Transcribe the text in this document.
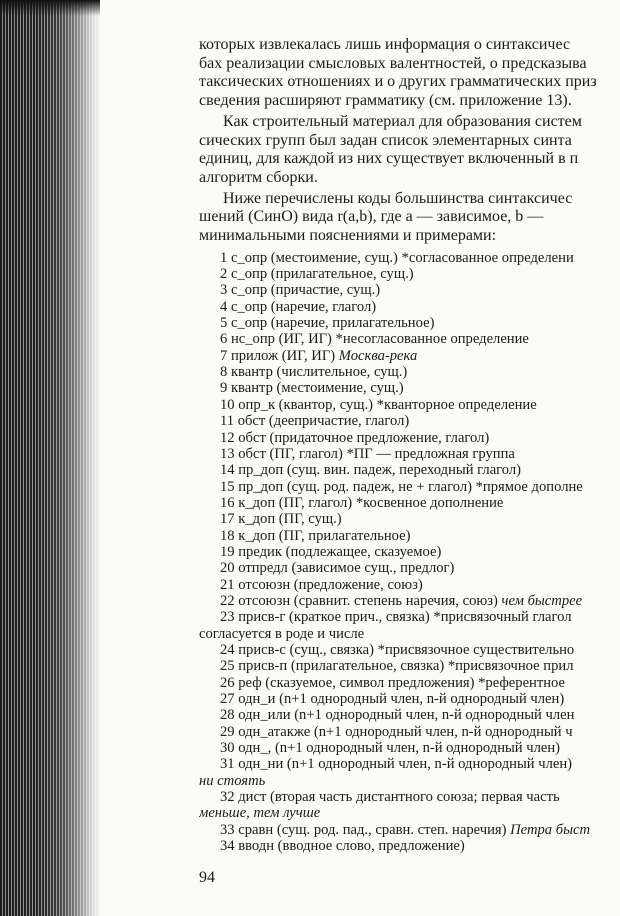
которых извлекалась лишь информация о синтаксичес
бах реализации смысловых валентностей, о предсказыва
таксических отношениях и о других грамматических приз
сведения расширяют грамматику (см. приложение 13).

Как строительный материал для образования систем
сических групп был задан список элементарных синта
единиц, для каждой из них существует включенный в п
алгоритм сборки.

Ниже перечислены коды большинства синтаксичес
шений (СинО) вида r(a,b), где a — зависимое, b —
минимальными пояснениями и примерами:

1 с_опр (местоимение, сущ.) *согласованное определени
2 с_опр (прилагательное, сущ.)
3 с_опр (причастие, сущ.)
4 с_опр (наречие, глагол)
5 с_опр (наречие, прилагательное)
6 нс_опр (ИГ, ИГ) *несогласованное определение
7 прилож (ИГ, ИГ) Москва-река
8 квантр (числительное, сущ.)
9 квантр (местоимение, сущ.)
10 опр_к (квантор, сущ.) *кванторное определение
11 обст (деепричастие, глагол)
12 обст (придаточное предложение, глагол)
13 обст (ПГ, глагол) *ПГ — предложная группа
14 пр_доп (сущ. вин. падеж, переходный глагол)
15 пр_доп (сущ. род. падеж, не + глагол) *прямое дополне
16 к_доп (ПГ, глагол) *косвенное дополнение
17 к_доп (ПГ, сущ.)
18 к_доп (ПГ, прилагательное)
19 предик (подлежащее, сказуемое)
20 отпредл (зависимое сущ., предлог)
21 отсоюзн (предложение, союз)
22 отсоюзн (сравнит. степень наречия, союз) чем быстрее
23 присв-г (краткое прич., связка) *присвязочный глагол
согласуется в роде и числе
24 присв-с (сущ., связка) *присвязочное существительно
25 присв-п (прилагательное, связка) *присвязочное прил
26 реф (сказуемое, символ предложения) *референтное
27 одн_и (n+1 однородный член, n-й однородный член)
28 одн_или (n+1 однородный член, n-й однородный член
29 одн_атакже (n+1 однородный член, n-й однородный ч
30 одн_, (n+1 однородный член, n-й однородный член)
31 одн_ни (n+1 однородный член, n-й однородный член)
ни стоять
32 дист (вторая часть дистантного союза; первая часть
меньше, тем лучше
33 сравн (сущ. род. пад., сравн. степ. наречия) Петра быст
34 вводн (вводное слово, предложение)
94
